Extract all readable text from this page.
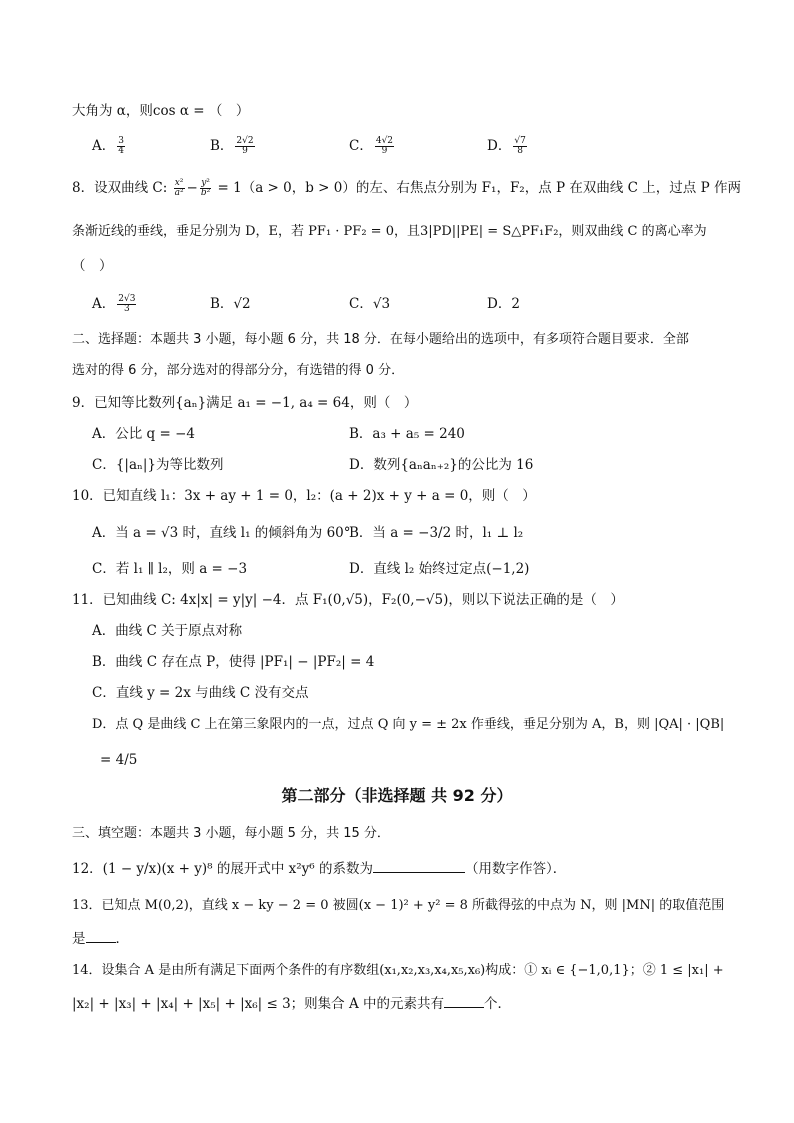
大角为 α，则cos α = （　）
A． $\frac{3}{4}$	B． $\frac{2√2}{9}$	C． $\frac{4√2}{9}$	D． $\frac{√7}{8}$
8．设双曲线 C: $\frac{\text{x²}}{\text{a²}} - \frac{\text{y²}}{\text{b²}} = 1(a > 0$，b > 0）的左、右焦点分别为 F₁，F₂，点 P 在双曲线 C 上，过点 P 作两
条渐近线的垂线，垂足分别为 D，E，若 PF₁ · PF₂ = 0，且3|PD||PE| = S△PF₁F₂，则双曲线 C 的离心率为
（　）
A． $\frac{2√3}{3}$	B．√2	C．√3	D．2
二、选择题：本题共 3 小题，每小题 6 分，共 18 分．在每小题给出的选项中，有多项符合题目要求．全部
选对的得 6 分，部分选对的得部分分，有选错的得 0 分．
9．已知等比数列{aₙ}满足 a₁ = −1, a₄ = 64，则（　）
A．公比 q = −4	B．a₃ + a₅ = 240
C．{|aₙ|}为等比数列	D．数列{aₙaₙ₊₂}的公比为 16
10．已知直线 l₁：3x + ay + 1 = 0，l₂：(a + 2)x + y + a = 0，则（　）
A．当 a = √3 时，直线 l₁ 的倾斜角为 60°
B．当 a = −3/2 时，l₁ ⊥ l₂
C．若 l₁ ∥ l₂，则 a = −3	D．直线 l₂ 始终过定点(−1,2)
11．已知曲线 C: 4x|x| = y|y| −4．点 F₁(0,√5)，F₂(0,−√5)，则以下说法正确的是（　）
A．曲线 C 关于原点对称
B．曲线 C 存在点 P，使得 |PF₁| − |PF₂| = 4
C．直线 y = 2x 与曲线 C 没有交点
D．点 Q 是曲线 C 上在第三象限内的一点，过点 Q 向 y = ± 2x 作垂线，垂足分别为 A，B，则 |QA| · |QB|
= 4/5
第二部分（非选择题 共 92 分）
三、填空题：本题共 3 小题，每小题 5 分，共 15 分．
12．(1 − y/x)(x + y)⁸ 的展开式中 x²y⁶ 的系数为	（用数字作答）．
13．已知点 M(0,2)，直线 x − ky − 2 = 0 被圆(x − 1)² + y² = 8 所截得弦的中点为 N，则 |MN| 的取值范围
是 ．
14．设集合 A 是由所有满足下面两个条件的有序数组(x₁,x₂,x₃,x₄,x₅,x₆)构成：① xᵢ ∈ {−1,0,1}；② 1 ≤ |x₁| +
|x₂| + |x₃| + |x₄| + |x₅| + |x₆| ≤ 3；则集合 A 中的元素共有	个．
